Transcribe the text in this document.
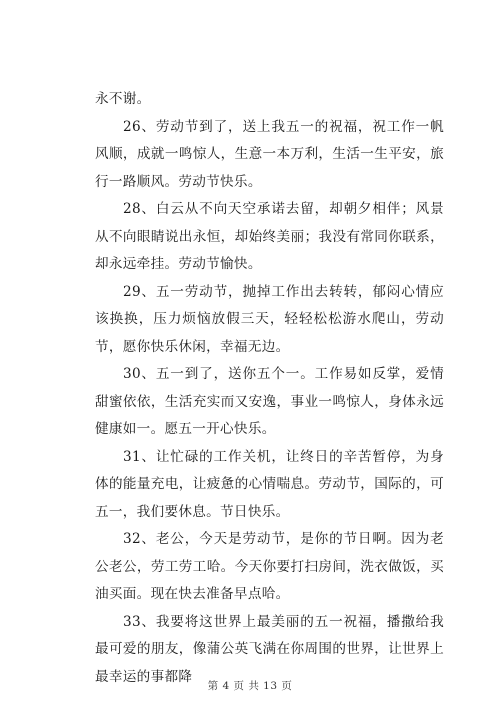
永不谢。

26、劳动节到了，送上我五一的祝福，祝工作一帆风顺，成就一鸣惊人，生意一本万利，生活一生平安，旅行一路顺风。劳动节快乐。

28、白云从不向天空承诺去留，却朝夕相伴；风景从不向眼睛说出永恒，却始终美丽；我没有常同你联系，却永远牵挂。劳动节愉快。

29、五一劳动节，抛掉工作出去转转，郁闷心情应该换换，压力烦恼放假三天，轻轻松松游水爬山，劳动节，愿你快乐休闲，幸福无边。

30、五一到了，送你五个一。工作易如反掌，爱情甜蜜依依，生活充实而又安逸，事业一鸣惊人，身体永远健康如一。愿五一开心快乐。

31、让忙碌的工作关机，让终日的辛苦暂停，为身体的能量充电，让疲惫的心情喘息。劳动节，国际的，可五一，我们要休息。节日快乐。

32、老公，今天是劳动节，是你的节日啊。因为老公老公，劳工劳工哈。今天你要打扫房间，洗衣做饭，买油买面。现在快去准备早点哈。

33、我要将这世界上最美丽的五一祝福，播撒给我最可爱的朋友，像蒲公英飞满在你周围的世界，让世界上最幸运的事都降

第 4 页 共 13 页
